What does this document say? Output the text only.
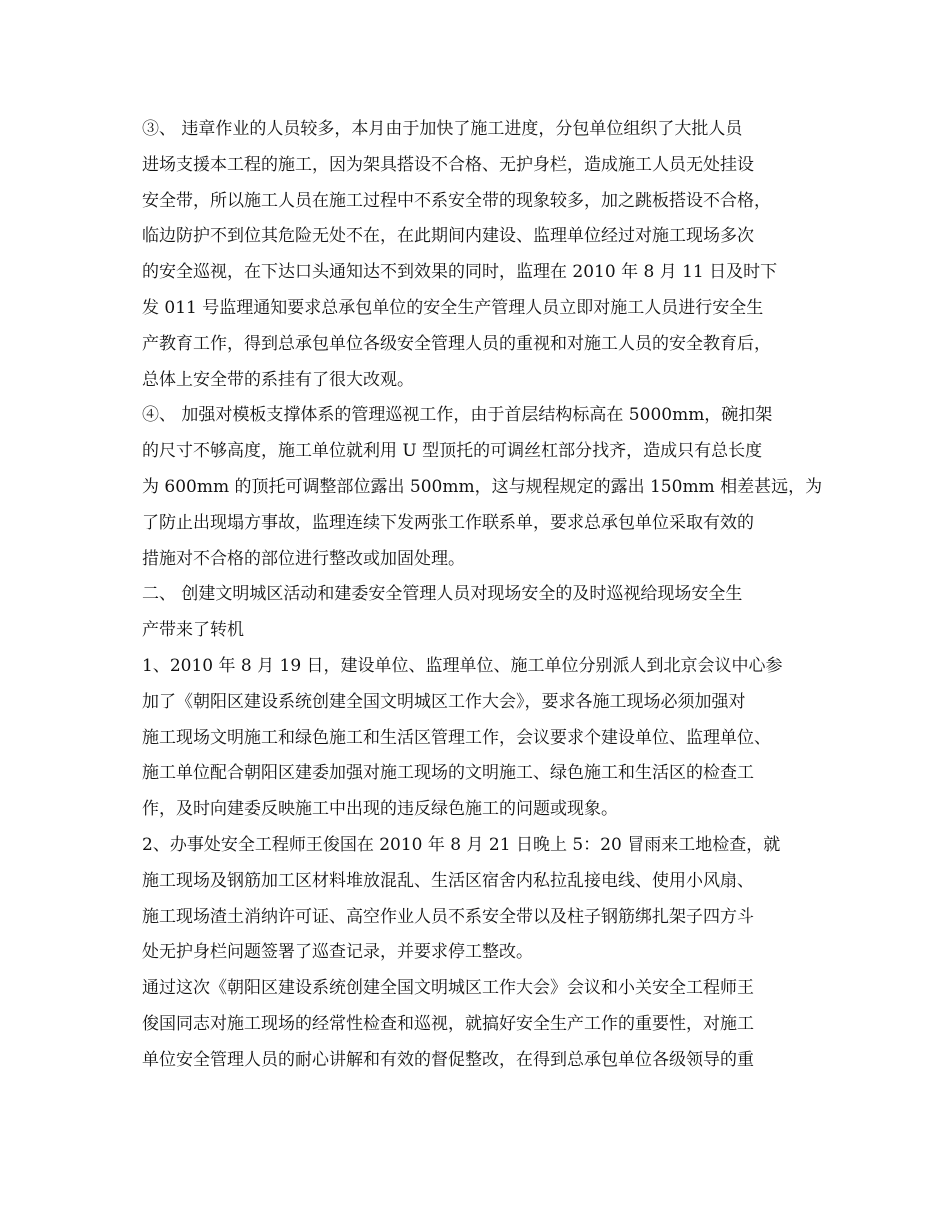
③、 违章作业的人员较多，本月由于加快了施工进度，分包单位组织了大批人员
进场支援本工程的施工，因为架具搭设不合格、无护身栏，造成施工人员无处挂设
安全带，所以施工人员在施工过程中不系安全带的现象较多，加之跳板搭设不合格，
临边防护不到位其危险无处不在，在此期间内建设、监理单位经过对施工现场多次
的安全巡视，在下达口头通知达不到效果的同时，监理在 2010 年 8 月 11 日及时下
发 011 号监理通知要求总承包单位的安全生产管理人员立即对施工人员进行安全生
产教育工作，得到总承包单位各级安全管理人员的重视和对施工人员的安全教育后，
总体上安全带的系挂有了很大改观。
④、 加强对模板支撑体系的管理巡视工作，由于首层结构标高在 5000mm，碗扣架
的尺寸不够高度，施工单位就利用 U 型顶托的可调丝杠部分找齐，造成只有总长度
为 600mm 的顶托可调整部位露出 500mm，这与规程规定的露出 150mm 相差甚远，为
了防止出现塌方事故，监理连续下发两张工作联系单，要求总承包单位采取有效的
措施对不合格的部位进行整改或加固处理。
二、 创建文明城区活动和建委安全管理人员对现场安全的及时巡视给现场安全生
产带来了转机
1、2010 年 8 月 19 日，建设单位、监理单位、施工单位分别派人到北京会议中心参
加了《朝阳区建设系统创建全国文明城区工作大会》，要求各施工现场必须加强对
施工现场文明施工和绿色施工和生活区管理工作，会议要求个建设单位、监理单位、
施工单位配合朝阳区建委加强对施工现场的文明施工、绿色施工和生活区的检查工
作，及时向建委反映施工中出现的违反绿色施工的问题或现象。
2、办事处安全工程师王俊国在 2010 年 8 月 21 日晚上 5：20 冒雨来工地检查，就
施工现场及钢筋加工区材料堆放混乱、生活区宿舍内私拉乱接电线、使用小风扇、
施工现场渣土消纳许可证、高空作业人员不系安全带以及柱子钢筋绑扎架子四方斗
处无护身栏问题签署了巡查记录，并要求停工整改。
通过这次《朝阳区建设系统创建全国文明城区工作大会》会议和小关安全工程师王
俊国同志对施工现场的经常性检查和巡视，就搞好安全生产工作的重要性，对施工
单位安全管理人员的耐心讲解和有效的督促整改，在得到总承包单位各级领导的重
